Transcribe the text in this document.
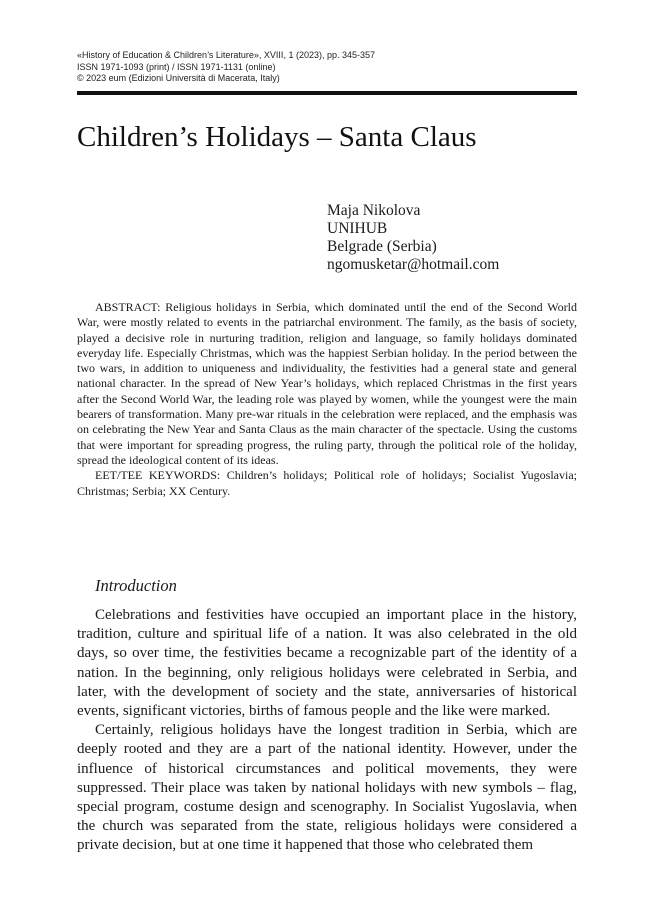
«History of Education & Children’s Literature», XVIII, 1 (2023), pp. 345-357
ISSN 1971-1093 (print) / ISSN 1971-1131 (online)
© 2023 eum (Edizioni Università di Macerata, Italy)
Children’s Holidays – Santa Claus
Maja Nikolova
UNIHUB
Belgrade (Serbia)
ngomusketar@hotmail.com

ABSTRACT: Religious holidays in Serbia, which dominated until the end of the Second World War, were mostly related to events in the patriarchal environment. The family, as the basis of society, played a decisive role in nurturing tradition, religion and language, so family holidays dominated everyday life. Especially Christmas, which was the happiest Serbian holiday. In the period between the two wars, in addition to uniqueness and individuality, the festivities had a general state and general national character. In the spread of New Year’s holidays, which replaced Christmas in the first years after the Second World War, the leading role was played by women, while the youngest were the main bearers of transformation. Many pre-war rituals in the celebration were replaced, and the emphasis was on celebrating the New Year and Santa Claus as the main character of the spectacle. Using the customs that were important for spreading progress, the ruling party, through the political role of the holiday, spread the ideological content of its ideas.

EET/TEE KEYWORDS: Children’s holidays; Political role of holidays; Socialist Yugoslavia; Christmas; Serbia; XX Century.

Introduction

Celebrations and festivities have occupied an important place in the history, tradition, culture and spiritual life of a nation. It was also celebrated in the old days, so over time, the festivities became a recognizable part of the identity of a nation. In the beginning, only religious holidays were celebrated in Serbia, and later, with the development of society and the state, anniversaries of historical events, significant victories, births of famous people and the like were marked.

Certainly, religious holidays have the longest tradition in Serbia, which are deeply rooted and they are a part of the national identity. However, under the influence of historical circumstances and political movements, they were suppressed. Their place was taken by national holidays with new symbols – flag, special program, costume design and scenography. In Socialist Yugoslavia, when the church was separated from the state, religious holidays were considered a private decision, but at one time it happened that those who celebrated them
